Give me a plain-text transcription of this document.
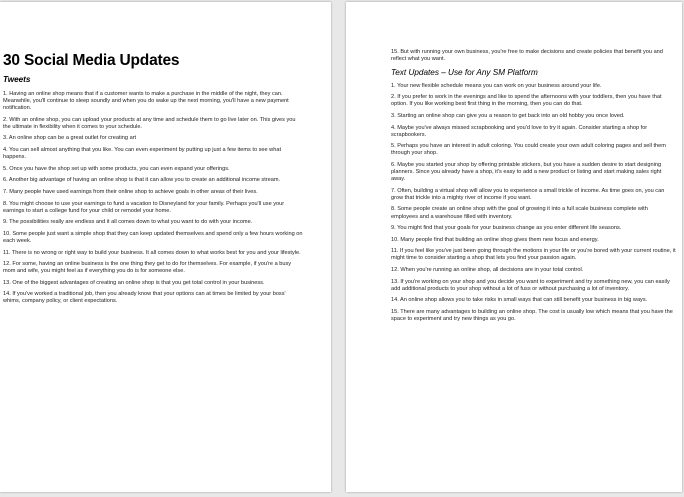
30 Social Media Updates
Tweets

1. Having an online shop means that if a customer wants to make a purchase in the middle of the night, they can. Meanwhile, you'll continue to sleep soundly and when you do wake up the next morning, you'll have a new payment notification.

2. With an online shop, you can upload your products at any time and schedule them to go live later on. This gives you the ultimate in flexibility when it comes to your schedule.

3. An online shop can be a great outlet for creating art

4. You can sell almost anything that you like. You can even experiment by putting up just a few items to see what happens.

5. Once you have the shop set up with some products, you can even expand your offerings.

6. Another big advantage of having an online shop is that it can allow you to create an additional income stream.

7. Many people have used earnings from their online shop to achieve goals in other areas of their lives.

8. You might choose to use your earnings to fund a vacation to Disneyland for your family. Perhaps you'll use your earnings to start a college fund for your child or remodel your home.

9. The possibilities really are endless and it all comes down to what you want to do with your income.

10. Some people just want a simple shop that they can keep updated themselves and spend only a few hours working on each week.

11. There is no wrong or right way to build your business. It all comes down to what works best for you and your lifestyle.

12. For some, having an online business is the one thing they get to do for themselves. For example, if you're a busy mom and wife, you might feel as if everything you do is for someone else.

13. One of the biggest advantages of creating an online shop is that you get total control in your business.

14. If you've worked a traditional job, then you already know that your options can at times be limited by your boss' whims, company policy, or client expectations.

15. But with running your own business, you're free to make decisions and create policies that benefit you and reflect what you want.

Text Updates – Use for Any SM Platform

1. Your new flexible schedule means you can work on your business around your life.

2. If you prefer to work in the evenings and like to spend the afternoons with your toddlers, then you have that option. If you like working best first thing in the morning, then you can do that.

3. Starting an online shop can give you a reason to get back into an old hobby you once loved.

4. Maybe you've always missed scrapbooking and you'd love to try it again. Consider starting a shop for scrapbookers.

5. Perhaps you have an interest in adult coloring. You could create your own adult coloring pages and sell them through your shop.

6. Maybe you started your shop by offering printable stickers, but you have a sudden desire to start designing planners. Since you already have a shop, it's easy to add a new product or listing and start making sales right away.

7. Often, building a virtual shop will allow you to experience a small trickle of income. As time goes on, you can grow that trickle into a mighty river of income if you want.

8. Some people create an online shop with the goal of growing it into a full scale business complete with employees and a warehouse filled with inventory.

9. You might find that your goals for your business change as you enter different life seasons.

10. Many people find that building an online shop gives them new focus and energy.

11. If you feel like you've just been going through the motions in your life or you're bored with your current routine, it might time to consider starting a shop that lets you find your passion again.

12. When you're running an online shop, all decisions are in your total control.

13. If you're working on your shop and you decide you want to experiment and try something new, you can easily add additional products to your shop without a lot of fuss or without purchasing a lot of inventory.

14. An online shop allows you to take risks in small ways that can still benefit your business in big ways.

15. There are many advantages to building an online shop. The cost is usually low which means that you have the space to experiment and try new things as you go.
